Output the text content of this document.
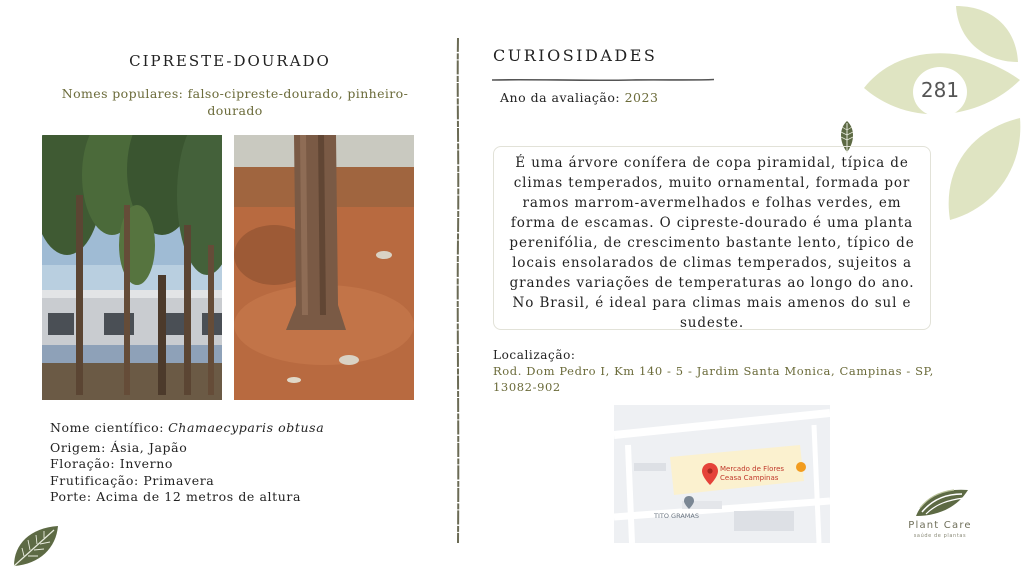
CIPRESTE-DOURADO
Nomes populares: falso-cipreste-dourado, pinheiro-dourado
Nome científico: Chamaecyparis obtusa
Origem: Ásia, Japão
Floração: Inverno
Frutificação: Primavera
Porte: Acima de 12 metros de altura
CURIOSIDADES
Ano da avaliação: 2023
É uma árvore conífera de copa piramidal, típica de climas temperados, muito ornamental, formada por ramos marrom-avermelhados e folhas verdes, em forma de escamas. O cipreste-dourado é uma planta perenifólia, de crescimento bastante lento, típico de locais ensolarados de climas temperados, sujeitos a grandes variações de temperaturas ao longo do ano. No Brasil, é ideal para climas mais amenos do sul e sudeste.
Localização:
Rod. Dom Pedro I, Km 140 - 5 - Jardim Santa Monica, Campinas - SP, 13082-902
Mercado de Flores
Ceasa Campinas
TITO GRAMAS
281
Plant Care
saúde de plantas
